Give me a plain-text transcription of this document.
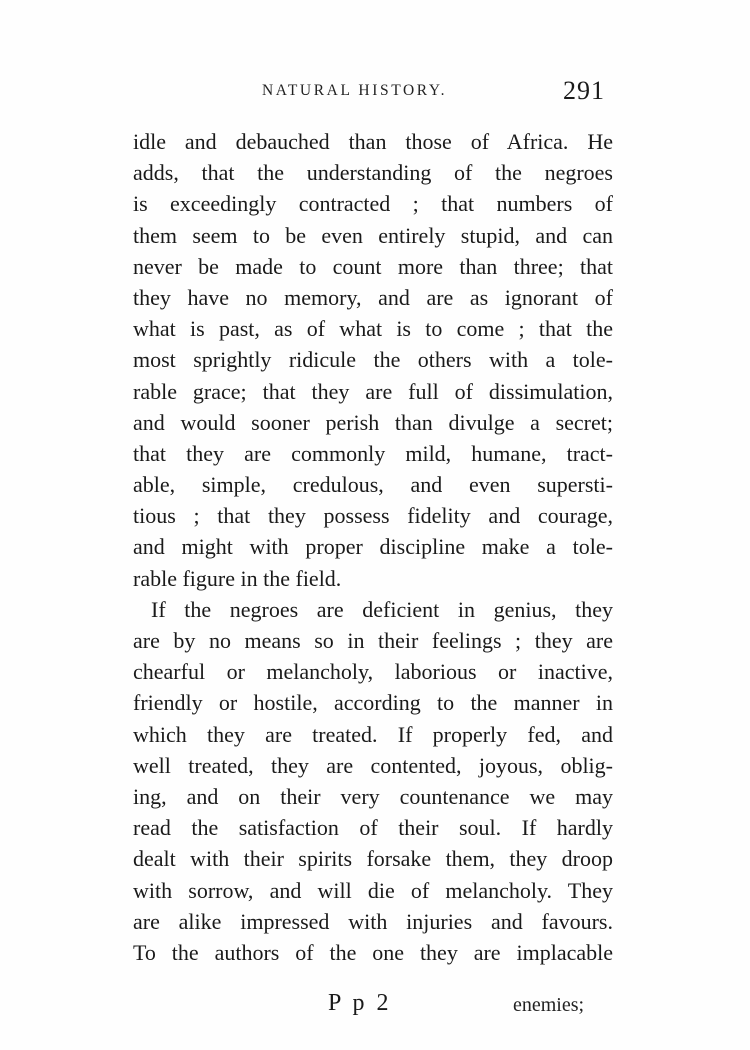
NATURAL HISTORY.	291
idle and debauched than those of Africa. He
adds, that the understanding of the negroes
is exceedingly contracted ; that numbers of
them seem to be even entirely stupid, and can
never be made to count more than three; that
they have no memory, and are as ignorant of
what is past, as of what is to come ; that the
most sprightly ridicule the others with a tole-
rable grace; that they are full of dissimulation,
and would sooner perish than divulge a secret;
that they are commonly mild, humane, tract-
able, simple, credulous, and even supersti-
tious ; that they possess fidelity and courage,
and might with proper discipline make a tole-
rable figure in the field.
If the negroes are deficient in genius, they
are by no means so in their feelings ; they are
chearful or melancholy, laborious or inactive,
friendly or hostile, according to the manner in
which they are treated. If properly fed, and
well treated, they are contented, joyous, oblig-
ing, and on their very countenance we may
read the satisfaction of their soul. If hardly
dealt with their spirits forsake them, they droop
with sorrow, and will die of melancholy. They
are alike impressed with injuries and favours.
To the authors of the one they are implacable
P p 2	enemies;
